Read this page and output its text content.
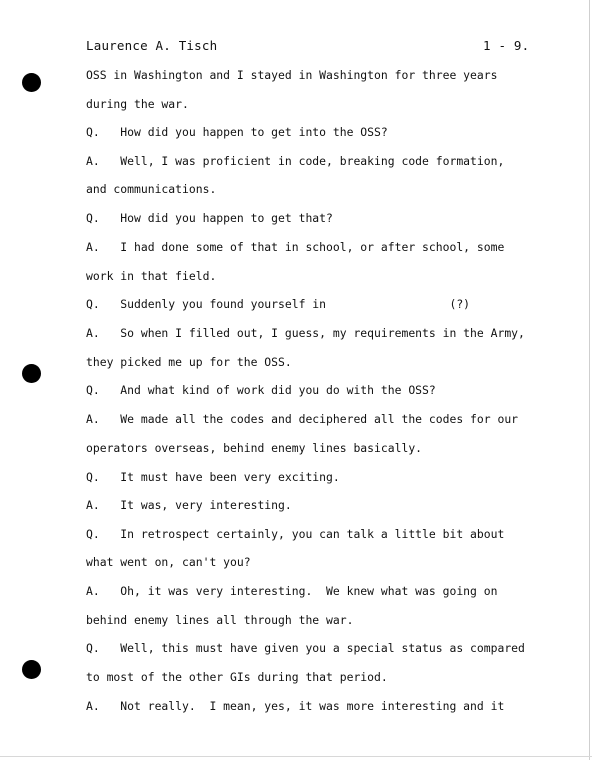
Laurence A. Tisch	1 - 9.
OSS in Washington and I stayed in Washington for three years
during the war.
Q.   How did you happen to get into the OSS?
A.   Well, I was proficient in code, breaking code formation,
and communications.
Q.   How did you happen to get that?
A.   I had done some of that in school, or after school, some
work in that field.
Q.   Suddenly you found yourself in                  (?)
A.   So when I filled out, I guess, my requirements in the Army,
they picked me up for the OSS.
Q.   And what kind of work did you do with the OSS?
A.   We made all the codes and deciphered all the codes for our
operators overseas, behind enemy lines basically.
Q.   It must have been very exciting.
A.   It was, very interesting.
Q.   In retrospect certainly, you can talk a little bit about
what went on, can't you?
A.   Oh, it was very interesting.  We knew what was going on
behind enemy lines all through the war.
Q.   Well, this must have given you a special status as compared
to most of the other GIs during that period.
A.   Not really.  I mean, yes, it was more interesting and it
